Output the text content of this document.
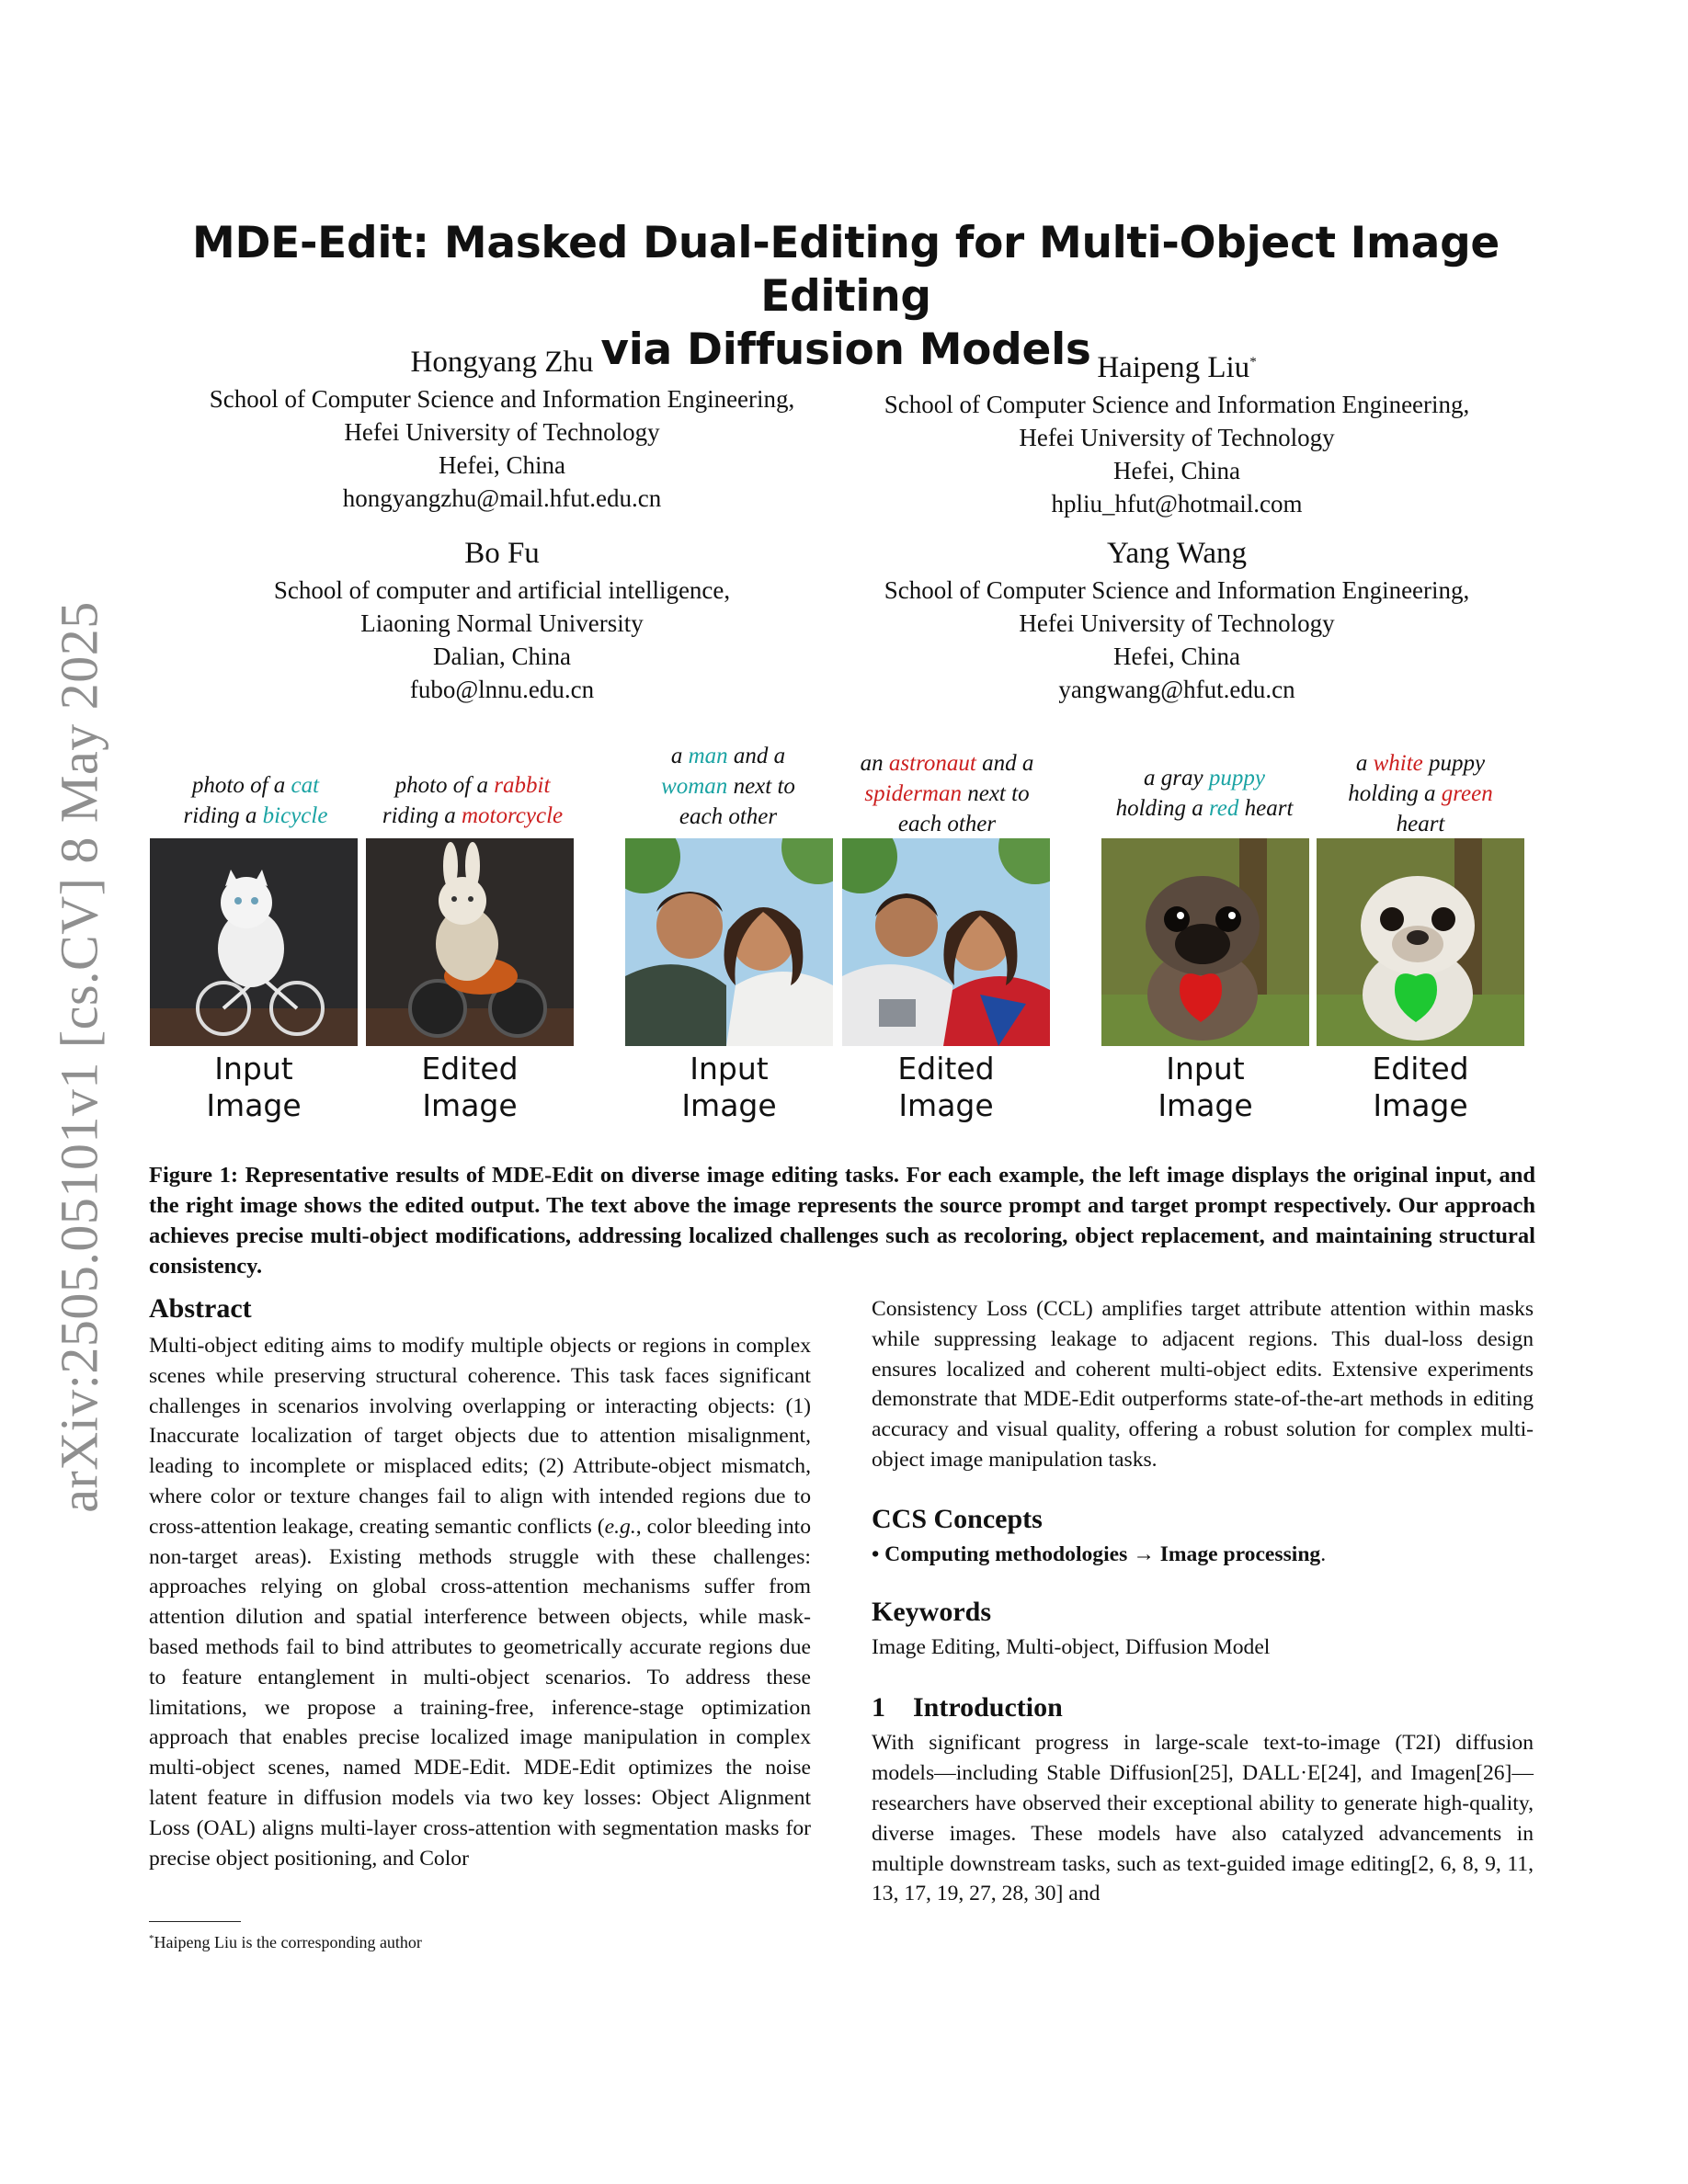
arXiv:2505.05101v1 [cs.CV] 8 May 2025
MDE-Edit: Masked Dual-Editing for Multi-Object Image Editing
via Diffusion Models
Hongyang Zhu
School of Computer Science and Information Engineering,
Hefei University of Technology
Hefei, China
hongyangzhu@mail.hfut.edu.cn
Haipeng Liu*
School of Computer Science and Information Engineering,
Hefei University of Technology
Hefei, China
hpliu_hfut@hotmail.com
Bo Fu
School of computer and artificial intelligence,
Liaoning Normal University
Dalian, China
fubo@lnnu.edu.cn
Yang Wang
School of Computer Science and Information Engineering,
Hefei University of Technology
Hefei, China
yangwang@hfut.edu.cn
photo of a cat
riding a bicycle
photo of a rabbit
riding a motorcycle
a man and a
woman next to
each other
an astronaut and a
spiderman next to
each other
a gray puppy
holding a red heart
a white puppy
holding a green
heart
Input
Image
Edited
Image
Input
Image
Edited
Image
Input
Image
Edited
Image
Figure 1: Representative results of MDE-Edit on diverse image editing tasks. For each example, the left image displays the original input, and the right image shows the edited output. The text above the image represents the source prompt and target prompt respectively. Our approach achieves precise multi-object modifications, addressing localized challenges such as recoloring, object replacement, and maintaining structural consistency.
Abstract

Multi-object editing aims to modify multiple objects or regions in complex scenes while preserving structural coherence. This task faces significant challenges in scenarios involving overlapping or interacting objects: (1) Inaccurate localization of target objects due to attention misalignment, leading to incomplete or misplaced edits; (2) Attribute-object mismatch, where color or texture changes fail to align with intended regions due to cross-attention leakage, creating semantic conflicts (e.g., color bleeding into non-target areas). Existing methods struggle with these challenges: approaches relying on global cross-attention mechanisms suffer from attention dilution and spatial interference between objects, while mask-based methods fail to bind attributes to geometrically accurate regions due to feature entanglement in multi-object scenarios. To address these limitations, we propose a training-free, inference-stage optimization approach that enables precise localized image manipulation in complex multi-object scenes, named MDE-Edit. MDE-Edit optimizes the noise latent feature in diffusion models via two key losses: Object Alignment Loss (OAL) aligns multi-layer cross-attention with segmentation masks for precise object positioning, and Color

Consistency Loss (CCL) amplifies target attribute attention within masks while suppressing leakage to adjacent regions. This dual-loss design ensures localized and coherent multi-object edits. Extensive experiments demonstrate that MDE-Edit outperforms state-of-the-art methods in editing accuracy and visual quality, offering a robust solution for complex multi-object image manipulation tasks.

CCS Concepts

• Computing methodologies → Image processing.

Keywords

Image Editing, Multi-object, Diffusion Model

1    Introduction

With significant progress in large-scale text-to-image (T2I) diffusion models—including Stable Diffusion[25], DALL·E[24], and Imagen[26]—researchers have observed their exceptional ability to generate high-quality, diverse images. These models have also catalyzed advancements in multiple downstream tasks, such as text-guided image editing[2, 6, 8, 9, 11, 13, 17, 19, 27, 28, 30] and

*Haipeng Liu is the corresponding author
